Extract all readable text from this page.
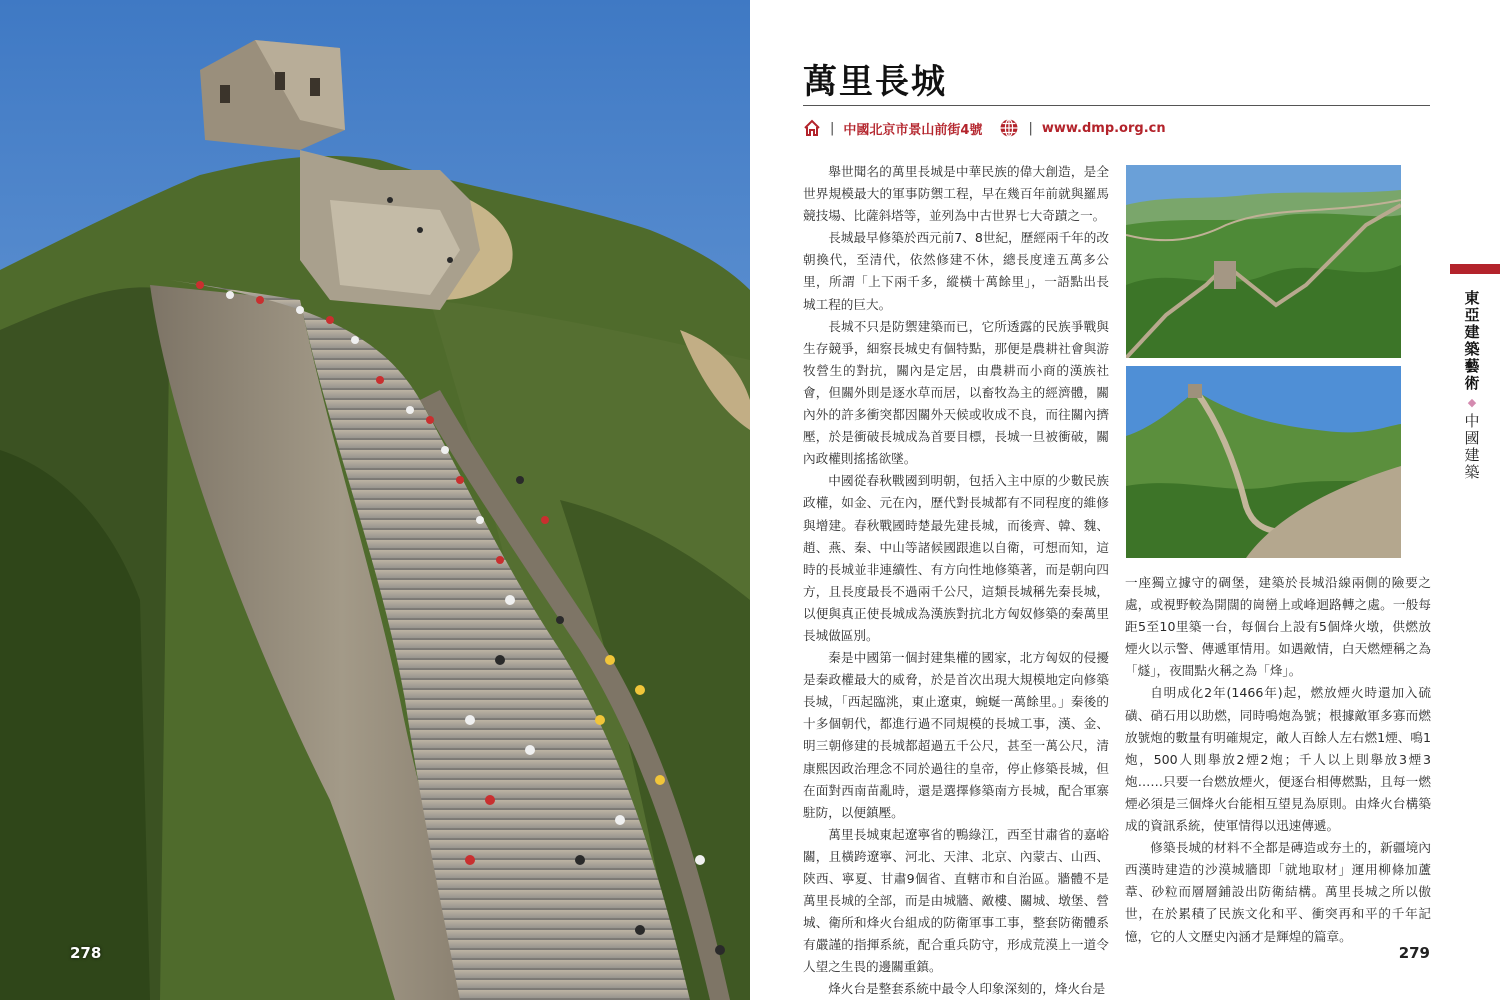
278
萬里長城
| 中國北京市景山前街4號	| www.dmp.org.cn

舉世聞名的萬里長城是中華民族的偉大創造，是全世界規模最大的軍事防禦工程，早在幾百年前就與羅馬競技場、比薩斜塔等，並列為中古世界七大奇蹟之一。

長城最早修築於西元前7、8世紀，歷經兩千年的改朝換代，至清代，依然修建不休，總長度達五萬多公里，所謂「上下兩千多，縱橫十萬餘里」，一語點出長城工程的巨大。

長城不只是防禦建築而已，它所透露的民族爭戰與生存競爭，細察長城史有個特點，那便是農耕社會與游牧營生的對抗，關內是定居，由農耕而小商的漢族社會，但關外則是逐水草而居，以畜牧為主的經濟體，關內外的許多衝突都因關外天候或收成不良，而往關內擠壓，於是衝破長城成為首要目標，長城一旦被衝破，關內政權則搖搖欲墜。

中國從春秋戰國到明朝，包括入主中原的少數民族政權，如金、元在內，歷代對長城都有不同程度的維修與增建。春秋戰國時楚最先建長城，而後齊、韓、魏、趙、燕、秦、中山等諸候國跟進以自衛，可想而知，這時的長城並非連續性、有方向性地修築著，而是朝向四方，且長度最長不過兩千公尺，這類長城稱先秦長城，以便與真正使長城成為漢族對抗北方匈奴修築的秦萬里長城做區別。

秦是中國第一個封建集權的國家，北方匈奴的侵擾是秦政權最大的威脅，於是首次出現大規模地定向修築長城，「西起臨洮，東止遼東，蜿蜒一萬餘里。」秦後的十多個朝代，都進行過不同規模的長城工事，漢、金、明三朝修建的長城都超過五千公尺，甚至一萬公尺，清康熙因政治理念不同於過往的皇帝，停止修築長城，但在面對西南苗亂時，還是選擇修築南方長城，配合軍寨駐防，以便鎮壓。

萬里長城東起遼寧省的鴨綠江，西至甘肅省的嘉峪關，且橫跨遼寧、河北、天津、北京、內蒙古、山西、陝西、寧夏、甘肅9個省、直轄市和自治區。牆體不是萬里長城的全部，而是由城牆、敵樓、關城、墩堡、營城、衛所和烽火台組成的防衛軍事工事，整套防衛體系有嚴謹的指揮系統，配合重兵防守，形成荒漠上一道令人望之生畏的邊關重鎮。

烽火台是整套系統中最令人印象深刻的，烽火台是

一座獨立據守的碉堡，建築於長城沿線兩側的險要之處，或視野較為開闊的崗巒上或峰迴路轉之處。一般每距5至10里築一台，每個台上設有5個烽火墩，供燃放煙火以示警、傳遞軍情用。如遇敵情，白天燃煙稱之為「燧」，夜間點火稱之為「烽」。

自明成化2年(1466年)起，燃放煙火時還加入硫磺、硝石用以助燃，同時鳴炮為號；根據敵軍多寡而燃放號炮的數量有明確規定，敵人百餘人左右燃1煙、鳴1炮，500人則舉放2煙2炮；千人以上則舉放3煙3炮……只要一台燃放煙火，便逐台相傳燃點，且每一燃煙必須是三個烽火台能相互望見為原則。由烽火台構築成的資訊系統，使軍情得以迅速傳遞。

修築長城的材料不全都是磚造或夯土的，新疆境內西漢時建造的沙漠城牆即「就地取材」運用柳條加蘆葦、砂粒而層層鋪設出防衛結構。萬里長城之所以傲世，在於累積了民族文化和平、衝突再和平的千年記憶，它的人文歷史內涵才是輝煌的篇章。

東亞建築藝術
◆
中國建築
279
